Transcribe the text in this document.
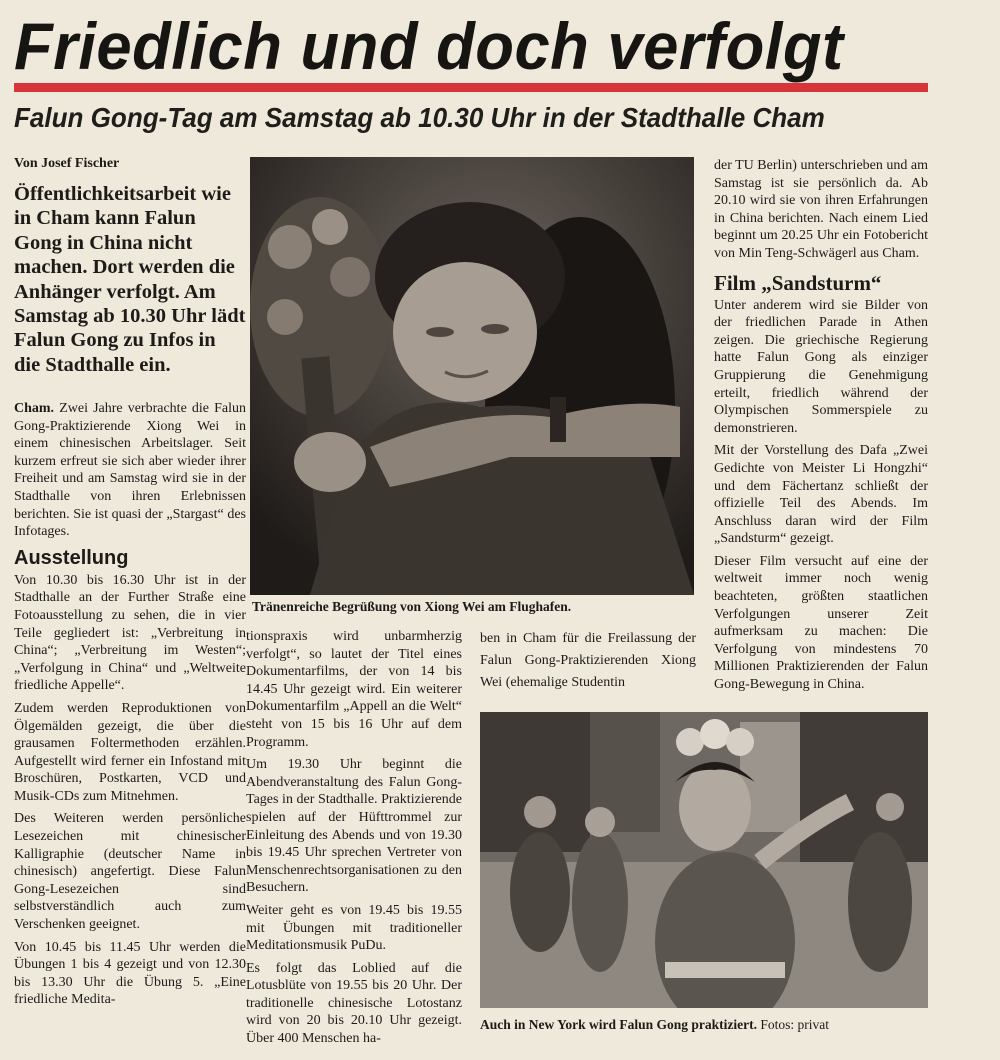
Friedlich und doch verfolgt
Falun Gong-Tag am Samstag ab 10.30 Uhr in der Stadthalle Cham
Von Josef Fischer
Öffentlichkeitsarbeit wie in Cham kann Falun Gong in China nicht machen. Dort werden die Anhänger verfolgt. Am Samstag ab 10.30 Uhr lädt Falun Gong zu Infos in die Stadthalle ein.

Cham. Zwei Jahre verbrachte die Falun Gong-Praktizierende Xiong Wei in einem chinesischen Arbeitslager. Seit kurzem erfreut sie sich aber wieder ihrer Freiheit und am Samstag wird sie in der Stadthalle von ihren Erlebnissen berichten. Sie ist quasi der „Stargast“ des Infotages.

Ausstellung

Von 10.30 bis 16.30 Uhr ist in der Stadthalle an der Further Straße eine Fotoausstellung zu sehen, die in vier Teile gegliedert ist: „Verbreitung in China“; „Verbreitung im Westen“; „Verfolgung in China“ und „Weltweite friedliche Appelle“.

Zudem werden Reproduktionen von Ölgemälden gezeigt, die über die grausamen Foltermethoden erzählen. Aufgestellt wird ferner ein Infostand mit Broschüren, Postkarten, VCD und Musik-CDs zum Mitnehmen.

Des Weiteren werden persönliche Lesezeichen mit chinesischer Kalligraphie (deutscher Name in chinesisch) angefertigt. Diese Falun Gong-Lesezeichen sind selbstverständlich auch zum Verschenken geeignet.

Von 10.45 bis 11.45 Uhr werden die Übungen 1 bis 4 gezeigt und von 12.30 bis 13.30 Uhr die Übung 5. „Eine friedliche Medita-

Tränenreiche Begrüßung von Xiong Wei am Flughafen.

tionspraxis wird unbarmherzig verfolgt“, so lautet der Titel eines Dokumentarfilms, der von 14 bis 14.45 Uhr gezeigt wird. Ein weiterer Dokumentarfilm „Appell an die Welt“ steht von 15 bis 16 Uhr auf dem Programm.

Um 19.30 Uhr beginnt die Abendveranstaltung des Falun Gong-Tages in der Stadthalle. Praktizierende spielen auf der Hüfttrommel zur Einleitung des Abends und von 19.30 bis 19.45 Uhr sprechen Vertreter von Menschenrechtsorganisationen zu den Besuchern.

Weiter geht es von 19.45 bis 19.55 mit Übungen mit traditioneller Meditationsmusik PuDu.

Es folgt das Loblied auf die Lotusblüte von 19.55 bis 20 Uhr. Der traditionelle chinesische Lotostanz wird von 20 bis 20.10 Uhr gezeigt. Über 400 Menschen ha-

ben in Cham für die Freilassung der Falun Gong-Praktizierenden Xiong Wei (ehemalige Studentin

der TU Berlin) unterschrieben und am Samstag ist sie persönlich da. Ab 20.10 wird sie von ihren Erfahrungen in China berichten. Nach einem Lied beginnt um 20.25 Uhr ein Fotobericht von Min Teng-Schwägerl aus Cham.

Film „Sandsturm“

Unter anderem wird sie Bilder von der friedlichen Parade in Athen zeigen. Die griechische Regierung hatte Falun Gong als einziger Gruppierung die Genehmigung erteilt, friedlich während der Olympischen Sommerspiele zu demonstrieren.

Mit der Vorstellung des Dafa „Zwei Gedichte von Meister Li Hongzhi“ und dem Fächertanz schließt der offizielle Teil des Abends. Im Anschluss daran wird der Film „Sandsturm“ gezeigt.

Dieser Film versucht auf eine der weltweit immer noch wenig beachteten, größten staatlichen Verfolgungen unserer Zeit aufmerksam zu machen: Die Verfolgung von mindestens 70 Millionen Praktizierenden der Falun Gong-Bewegung in China.

Auch in New York wird Falun Gong praktiziert. Fotos: privat
